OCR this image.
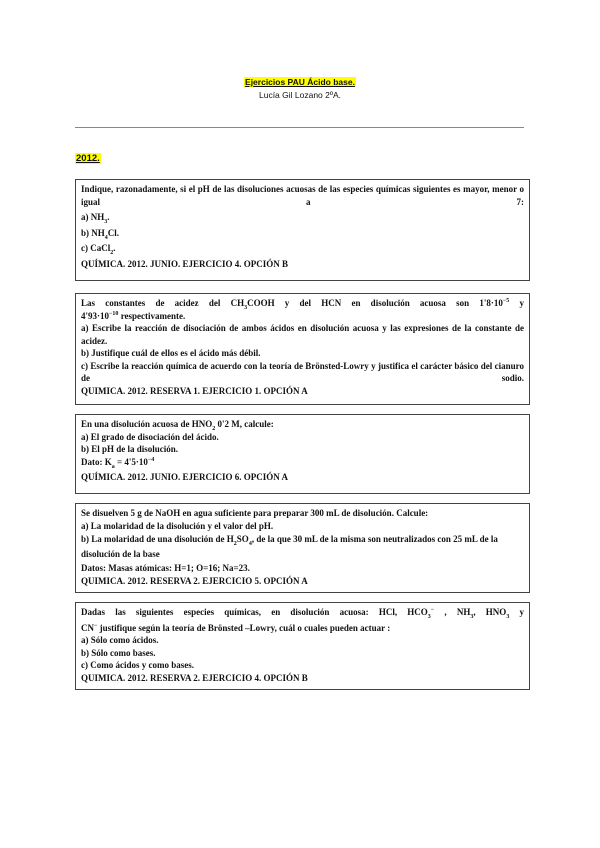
Ejercicios PAU Ácido base.
Lucía Gil Lozano 2ºA.
2012.
Indique, razonadamente, si el pH de las disoluciones acuosas de las especies químicas siguientes es mayor, menor o igual a 7:
a) $NH_3$.
b) $NH_4Cl$.
c) CaCl$_2$.
QUÍMICA. 2012. JUNIO. EJERCICIO 4. OPCIÓN B
Las constantes de acidez del $CH_3COOH$ y del HCN en disolución acuosa son $1'8\cdot 10^{-5}$ y
$4'93\cdot 10^{-10}$ respectivamente.
a) Escribe la reacción de disociación de ambos ácidos en disolución acuosa y las expresiones de la constante de acidez.
b) Justifique cuál de ellos es el ácido más débil.
c) Escribe la reacción química de acuerdo con la teoría de Brönsted-Lowry y justifica el carácter básico del cianuro de sodio.
QUIMICA. 2012. RESERVA 1. EJERCICIO 1. OPCIÓN A
En una disolución acuosa de $HNO_2$ 0'2 M, calcule:
a) El grado de disociación del ácido.
b) El pH de la disolución.
Dato: $K_a = 4'5\cdot 10^{-4}$
QUÍMICA. 2012. JUNIO. EJERCICIO 6. OPCIÓN A
Se disuelven 5 g de NaOH en agua suficiente para preparar 300 mL de disolución. Calcule:
a) La molaridad de la disolución y el valor del pH.
b) La molaridad de una disolución de $H_2SO_4$, de la que 30 mL de la misma son neutralizados con 25 mL de la disolución de la base
Datos: Masas atómicas: H=1; O=16; Na=23.
QUIMICA. 2012. RESERVA 2. EJERCICIO 5. OPCIÓN A
Dadas las siguientes especies químicas, en disolución acuosa: HCl, $HCO_3^-$ , $NH_3$, $HNO_3$ y
CN− justifique según la teoría de Brönsted –Lowry, cuál o cuales pueden actuar :
a) Sólo como ácidos.
b) Sólo como bases.
c) Como ácidos y como bases.
QUIMICA. 2012. RESERVA 2. EJERCICIO 4. OPCIÓN B
